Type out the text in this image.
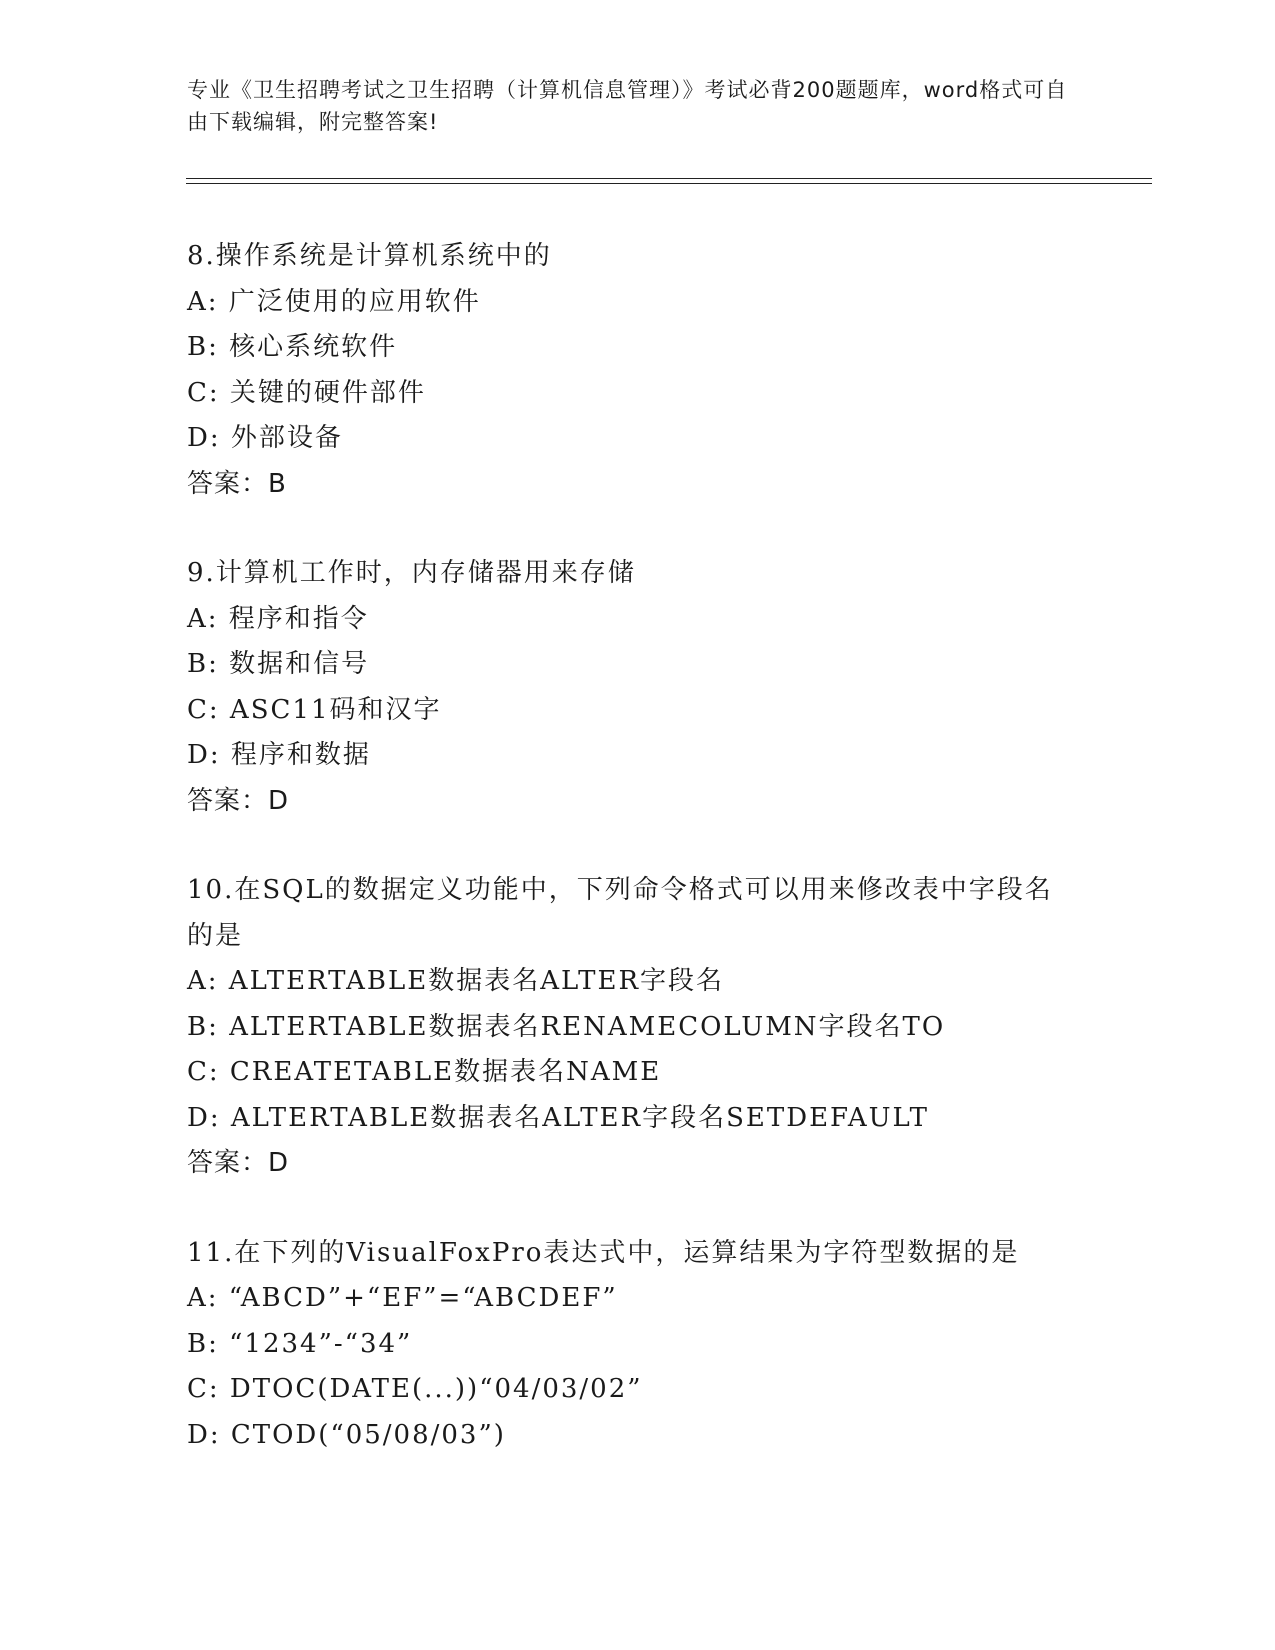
专业《卫生招聘考试之卫生招聘（计算机信息管理）》考试必背200题题库，word格式可自由下载编辑，附完整答案!
8.操作系统是计算机系统中的
A: 广泛使用的应用软件
B: 核心系统软件
C: 关键的硬件部件
D: 外部设备
答案：B
9.计算机工作时，内存储器用来存储
A: 程序和指令
B: 数据和信号
C: ASC11码和汉字
D: 程序和数据
答案：D
10.在SQL的数据定义功能中，下列命令格式可以用来修改表中字段名的是
A: ALTERTABLE数据表名ALTER字段名
B: ALTERTABLE数据表名RENAMECOLUMN字段名TO
C: CREATETABLE数据表名NAME
D: ALTERTABLE数据表名ALTER字段名SETDEFAULT
答案：D
11.在下列的VisualFoxPro表达式中，运算结果为字符型数据的是
A: “ABCD”+“EF”=“ABCDEF”
B: “1234”-“34”
C: DTOC(DATE(...))“04/03/02”
D: CTOD(“05/08/03”)
